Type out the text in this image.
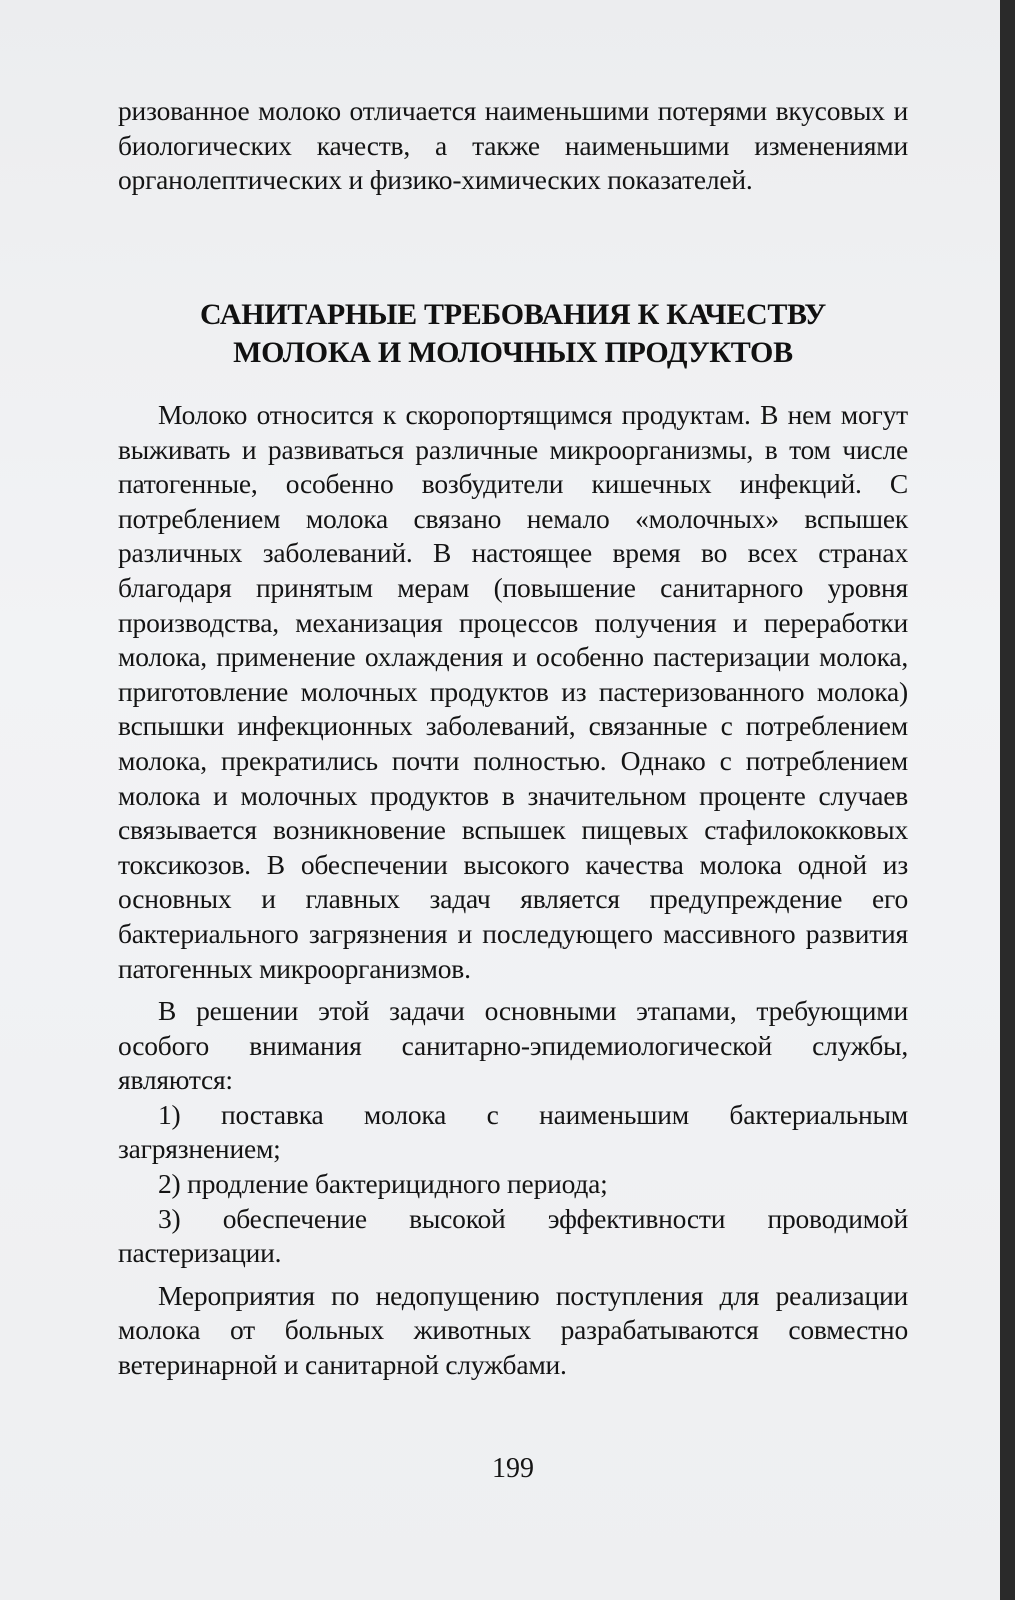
ризованное молоко отличается наименьшими потерями вкусовых и биологических качеств, а также наименьшими изменениями органолептических и физико-химических показателей.
САНИТАРНЫЕ ТРЕБОВАНИЯ К КАЧЕСТВУ
МОЛОКА И МОЛОЧНЫХ ПРОДУКТОВ

Молоко относится к скоропортящимся продуктам. В нем могут выживать и развиваться различные микроорганизмы, в том числе патогенные, особенно возбудители кишечных инфекций. С потреблением молока связано немало «молочных» вспышек различных заболеваний. В настоящее время во всех странах благодаря принятым мерам (повышение санитарного уровня производства, механизация процессов получения и переработки молока, применение охлаждения и особенно пастеризации молока, приготовление молочных продуктов из пастеризованного молока) вспышки инфекционных заболеваний, связанные с потреблением молока, прекратились почти полностью. Однако с потреблением молока и молочных продуктов в значительном проценте случаев связывается возникновение вспышек пищевых стафилококковых токсикозов. В обеспечении высокого качества молока одной из основных и главных задач является предупреждение его бактериального загрязнения и последующего массивного развития патогенных микроорганизмов.

В решении этой задачи основными этапами, требующими особого внимания санитарно-эпидемиологической службы, являются:

1) поставка молока с наименьшим бактериальным загрязнением;

2) продление бактерицидного периода;

3) обеспечение высокой эффективности проводимой пастеризации.

Мероприятия по недопущению поступления для реализации молока от больных животных разрабатываются совместно ветеринарной и санитарной службами.

199
